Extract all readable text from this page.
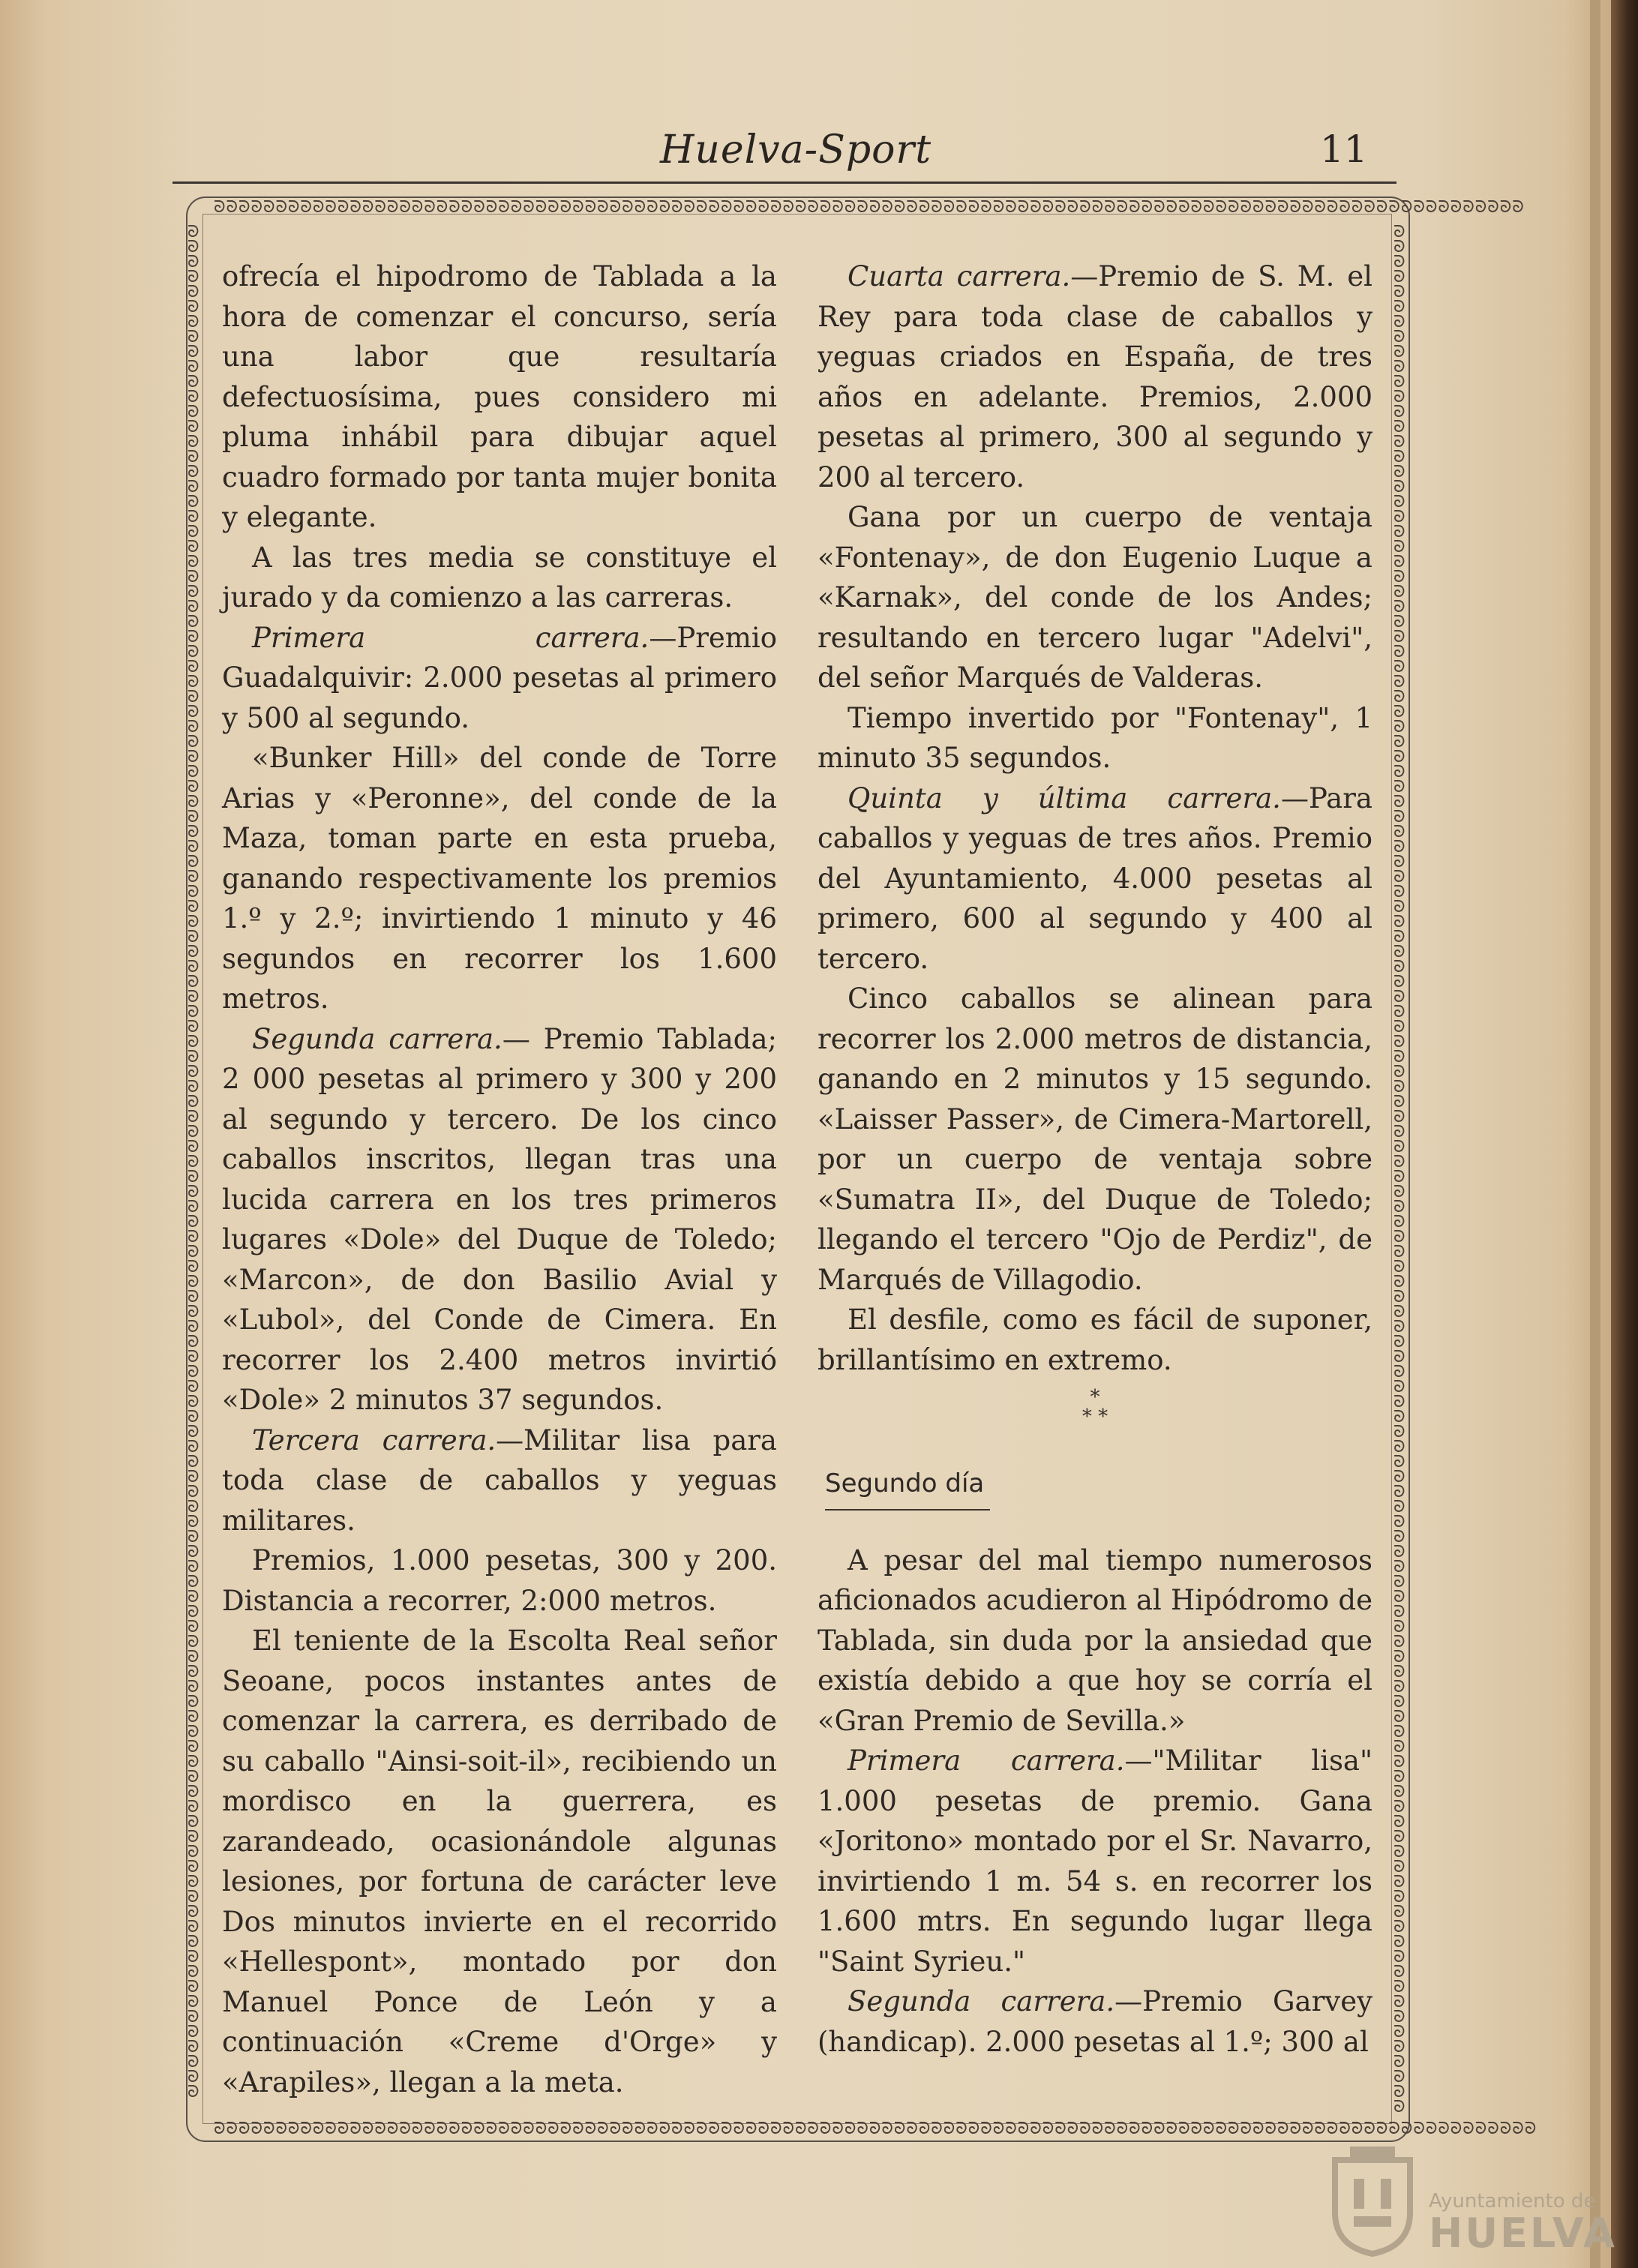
Huelva-Sport	11
ᘐᘐᘐᘐᘐᘐᘐᘐᘐᘐᘐᘐᘐᘐᘐᘐᘐᘐᘐᘐᘐᘐᘐᘐᘐᘐᘐᘐᘐᘐᘐᘐᘐᘐᘐᘐᘐᘐᘐᘐᘐᘐᘐᘐᘐᘐᘐᘐᘐᘐᘐᘐᘐᘐᘐᘐᘐᘐᘐᘐᘐᘐᘐᘐᘐᘐᘐᘐᘐᘐᘐᘐᘐᘐᘐᘐᘐᘐᘐᘐᘐᘐᘐᘐᘐᘐᘐᘐᘐᘐᘐᘐᘐᘐᘐᘐᘐᘐᘐᘐᘐᘐᘐᘐᘐᘐ
ᘐᘐᘐᘐᘐᘐᘐᘐᘐᘐᘐᘐᘐᘐᘐᘐᘐᘐᘐᘐᘐᘐᘐᘐᘐᘐᘐᘐᘐᘐᘐᘐᘐᘐᘐᘐᘐᘐᘐᘐᘐᘐᘐᘐᘐᘐᘐᘐᘐᘐᘐᘐᘐᘐᘐᘐᘐᘐᘐᘐᘐᘐᘐᘐᘐᘐᘐᘐᘐᘐᘐᘐᘐᘐᘐᘐᘐᘐᘐᘐᘐᘐᘐᘐᘐᘐᘐᘐᘐᘐᘐᘐᘐᘐᘐᘐᘐᘐᘐᘐᘐᘐᘐᘐᘐᘐᘐ
ᘐᘐᘐᘐᘐᘐᘐᘐᘐᘐᘐᘐᘐᘐᘐᘐᘐᘐᘐᘐᘐᘐᘐᘐᘐᘐᘐᘐᘐᘐᘐᘐᘐᘐᘐᘐᘐᘐᘐᘐᘐᘐᘐᘐᘐᘐᘐᘐᘐᘐᘐᘐᘐᘐᘐᘐᘐᘐᘐᘐᘐᘐᘐᘐᘐᘐᘐᘐᘐᘐᘐᘐᘐᘐᘐᘐᘐᘐᘐᘐᘐᘐᘐᘐᘐᘐᘐᘐᘐᘐᘐᘐᘐᘐᘐᘐᘐᘐᘐᘐᘐᘐᘐᘐᘐᘐᘐᘐᘐᘐᘐᘐᘐᘐᘐᘐᘐᘐᘐᘐᘐᘐᘐᘐᘐ
ᘐᘐᘐᘐᘐᘐᘐᘐᘐᘐᘐᘐᘐᘐᘐᘐᘐᘐᘐᘐᘐᘐᘐᘐᘐᘐᘐᘐᘐᘐᘐᘐᘐᘐᘐᘐᘐᘐᘐᘐᘐᘐᘐᘐᘐᘐᘐᘐᘐᘐᘐᘐᘐᘐᘐᘐᘐᘐᘐᘐᘐᘐᘐᘐᘐᘐᘐᘐᘐᘐᘐᘐᘐᘐᘐᘐᘐᘐᘐᘐᘐᘐᘐᘐᘐᘐᘐᘐᘐᘐᘐᘐᘐᘐᘐᘐᘐᘐᘐᘐᘐᘐᘐᘐᘐᘐᘐᘐᘐᘐᘐᘐᘐᘐᘐᘐᘐᘐᘐᘐᘐᘐᘐᘐᘐᘐ

ofrecía el hipodromo de Tablada a la hora de comenzar el concurso, sería una labor que resultaría defectuosísima, pues considero mi pluma inhábil para dibujar aquel cuadro formado por tanta mujer bonita y elegante.

A las tres media se constituye el jurado y da comienzo a las carreras.

Primera carrera.—Premio Guadalquivir: 2.000 pesetas al primero y 500 al segundo.

«Bunker Hill» del conde de Torre Arias y «Peronne», del conde de la Maza, toman parte en esta prueba, ganando respectivamente los premios 1.º y 2.º; invirtiendo 1 minuto y 46 segundos en recorrer los 1.600 metros.

Segunda carrera.— Premio Tablada; 2 000 pesetas al primero y 300 y 200 al segundo y tercero. De los cinco caballos inscritos, llegan tras una lucida carrera en los tres primeros lugares «Dole» del Duque de Toledo; «Marcon», de don Basilio Avial y «Lubol», del Conde de Cimera. En recorrer los 2.400 metros invirtió «Dole» 2 minutos 37 segundos.

Tercera carrera.—Militar lisa para toda clase de caballos y yeguas militares.

Premios, 1.000 pesetas, 300 y 200. Distancia a recorrer, 2:000 metros.

El teniente de la Escolta Real señor Seoane, pocos instantes antes de comenzar la carrera, es derribado de su caballo "Ainsi-soit-il», recibiendo un mordisco en la guerrera, es zarandeado, ocasionándole algunas lesiones, por fortuna de carácter leve Dos minutos invierte en el recorrido «Hellespont», montado por don Manuel Ponce de León y a continuación «Creme d'Orge» y «Arapiles», llegan a la meta.

Cuarta carrera.—Premio de S. M. el Rey para toda clase de caballos y yeguas criados en España, de tres años en adelante. Premios, 2.000 pesetas al primero, 300 al segundo y 200 al tercero.

Gana por un cuerpo de ventaja «Fontenay», de don Eugenio Luque a «Karnak», del conde de los Andes; resultando en tercero lugar "Adelvi", del señor Marqués de Valderas.

Tiempo invertido por "Fontenay", 1 minuto 35 segundos.

Quinta y última carrera.—Para caballos y yeguas de tres años. Premio del Ayuntamiento, 4.000 pesetas al primero, 600 al segundo y 400 al tercero.

Cinco caballos se alinean para recorrer los 2.000 metros de distancia, ganando en 2 minutos y 15 segundo. «Laisser Passer», de Cimera-Martorell, por un cuerpo de ventaja sobre «Sumatra II», del Duque de Toledo; llegando el tercero "Ojo de Perdiz", de Marqués de Villagodio.

El desfile, como es fácil de suponer, brillantísimo en extremo.

*
* *
Segundo día

A pesar del mal tiempo numerosos aficionados acudieron al Hipódromo de Tablada, sin duda por la ansiedad que existía debido a que hoy se corría el «Gran Premio de Sevilla.»

Primera carrera.—"Militar lisa" 1.000 pesetas de premio. Gana «Joritono» montado por el Sr. Navarro, invirtiendo 1 m. 54 s. en recorrer los 1.600 mtrs. En segundo lugar llega "Saint Syrieu."

Segunda carrera.—Premio Garvey (handicap). 2.000 pesetas al 1.º; 300 al

Ayuntamiento de
HUELVA
